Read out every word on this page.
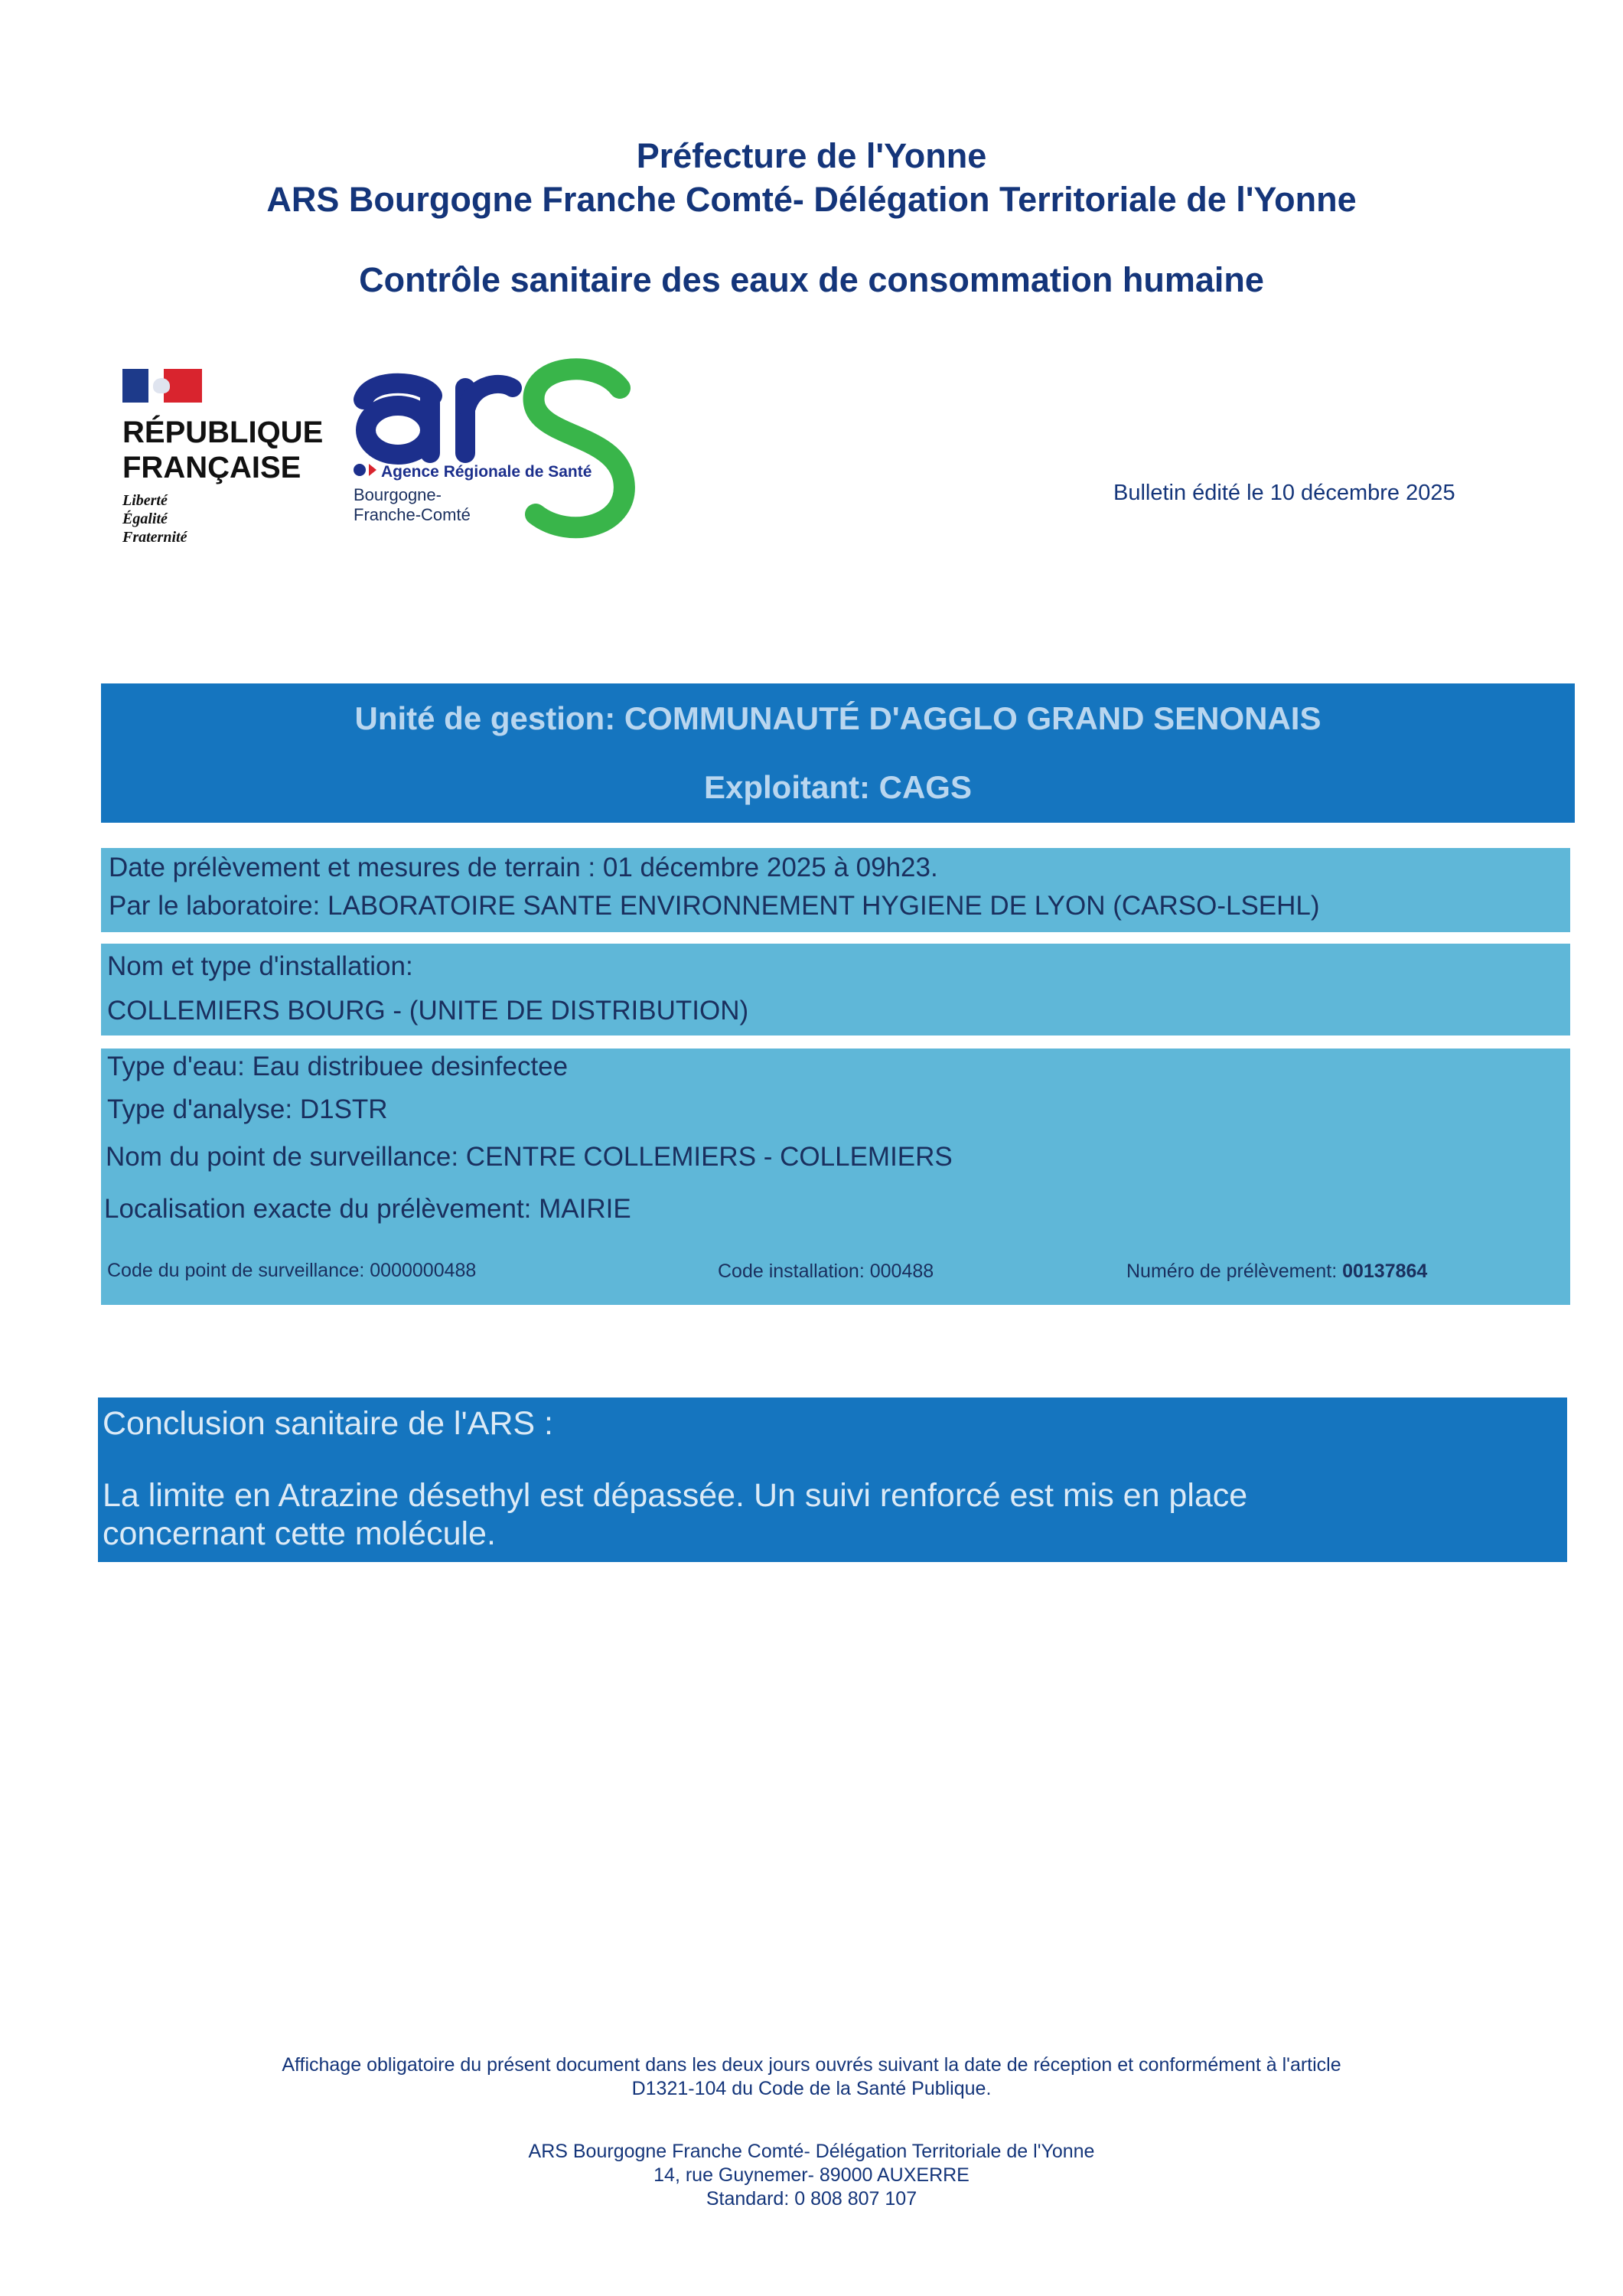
Préfecture de l'Yonne
ARS Bourgogne Franche Comté- Délégation Territoriale de l'Yonne
Contrôle sanitaire des eaux de consommation humaine
RÉPUBLIQUE
FRANÇAISE
Liberté
Égalité
Fraternité
Agence Régionale de Santé
Bourgogne-
Franche-Comté
Bulletin édité le 10 décembre 2025
Unité de gestion: COMMUNAUTÉ D'AGGLO GRAND SENONAIS
Exploitant: CAGS
Date prélèvement et mesures de terrain : 01 décembre 2025 à 09h23.
Par le laboratoire: LABORATOIRE SANTE ENVIRONNEMENT HYGIENE DE LYON (CARSO-LSEHL)
Nom et type d'installation:
COLLEMIERS BOURG - (UNITE DE DISTRIBUTION)
Type d'eau: Eau distribuee desinfectee
Type d'analyse: D1STR
Nom du point de surveillance: CENTRE COLLEMIERS - COLLEMIERS
Localisation exacte du prélèvement: MAIRIE
Code du point de surveillance: 0000000488	Code installation: 000488	Numéro de prélèvement: 00137864
Conclusion sanitaire de l'ARS :
La limite en Atrazine désethyl est dépassée. Un suivi renforcé est mis en place
concernant cette molécule.
Affichage obligatoire du présent document dans les deux jours ouvrés suivant la date de réception et conformément à l'article
D1321-104 du Code de la Santé Publique.
ARS Bourgogne Franche Comté- Délégation Territoriale de l'Yonne
14, rue Guynemer- 89000 AUXERRE
Standard: 0 808 807 107
